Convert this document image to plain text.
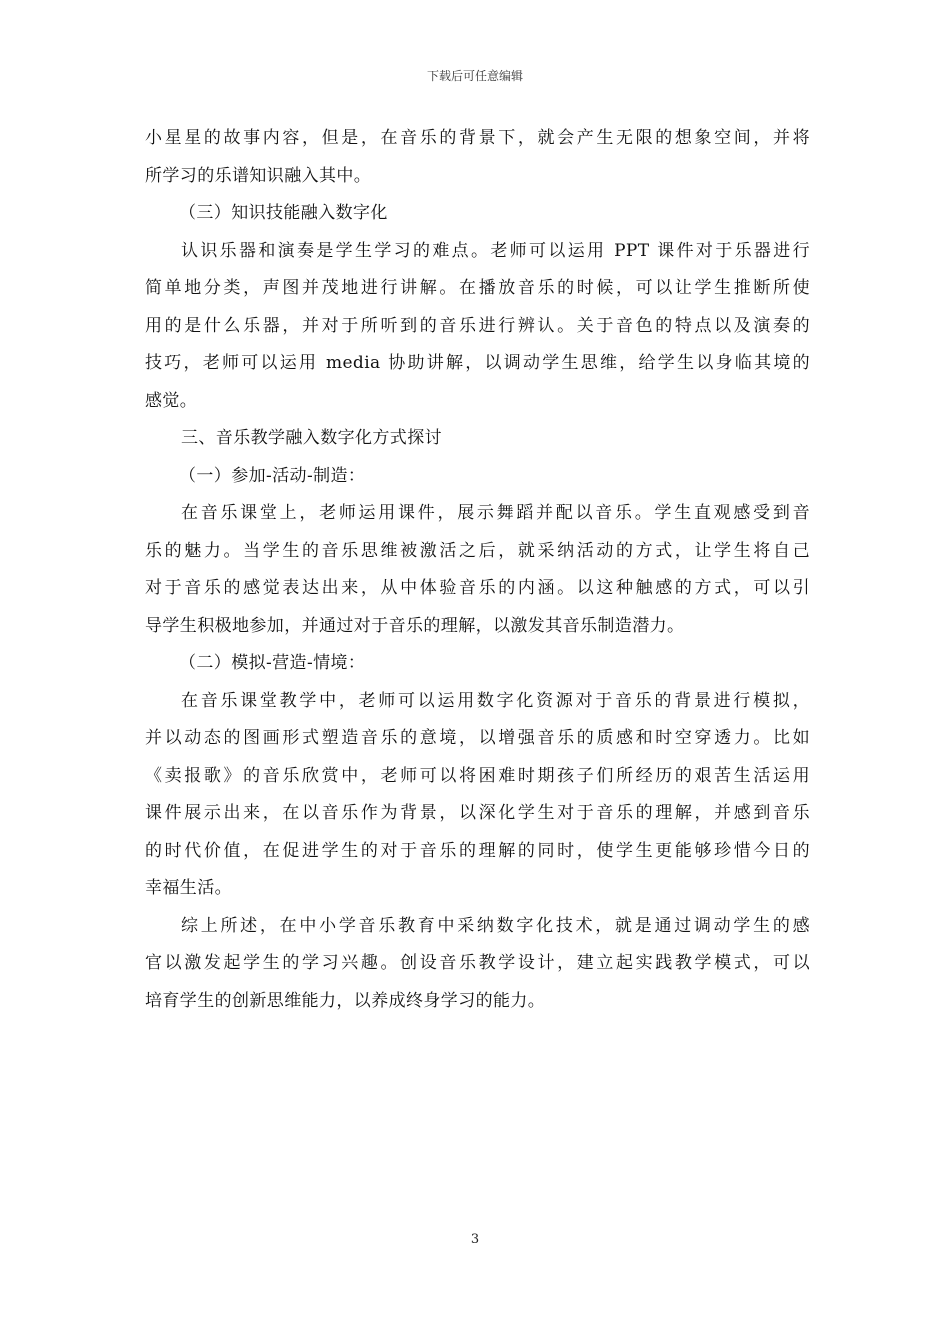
下载后可任意编辑
小星星的故事内容，但是，在音乐的背景下，就会产生无限的想象空间，并将
所学习的乐谱知识融入其中。
（三）知识技能融入数字化
认识乐器和演奏是学生学习的难点。老师可以运用 PPT 课件对于乐器进行
简单地分类，声图并茂地进行讲解。在播放音乐的时候，可以让学生推断所使
用的是什么乐器，并对于所听到的音乐进行辨认。关于音色的特点以及演奏的
技巧，老师可以运用 media 协助讲解，以调动学生思维，给学生以身临其境的
感觉。
三、音乐教学融入数字化方式探讨
（一）参加-活动-制造：
在音乐课堂上，老师运用课件，展示舞蹈并配以音乐。学生直观感受到音
乐的魅力。当学生的音乐思维被激活之后，就采纳活动的方式，让学生将自己
对于音乐的感觉表达出来，从中体验音乐的内涵。以这种触感的方式，可以引
导学生积极地参加，并通过对于音乐的理解，以激发其音乐制造潜力。
（二）模拟-营造-情境：
在音乐课堂教学中，老师可以运用数字化资源对于音乐的背景进行模拟，
并以动态的图画形式塑造音乐的意境，以增强音乐的质感和时空穿透力。比如
《卖报歌》的音乐欣赏中，老师可以将困难时期孩子们所经历的艰苦生活运用
课件展示出来，在以音乐作为背景，以深化学生对于音乐的理解，并感到音乐
的时代价值，在促进学生的对于音乐的理解的同时，使学生更能够珍惜今日的
幸福生活。
综上所述，在中小学音乐教育中采纳数字化技术，就是通过调动学生的感
官以激发起学生的学习兴趣。创设音乐教学设计，建立起实践教学模式，可以
培育学生的创新思维能力，以养成终身学习的能力。
3
